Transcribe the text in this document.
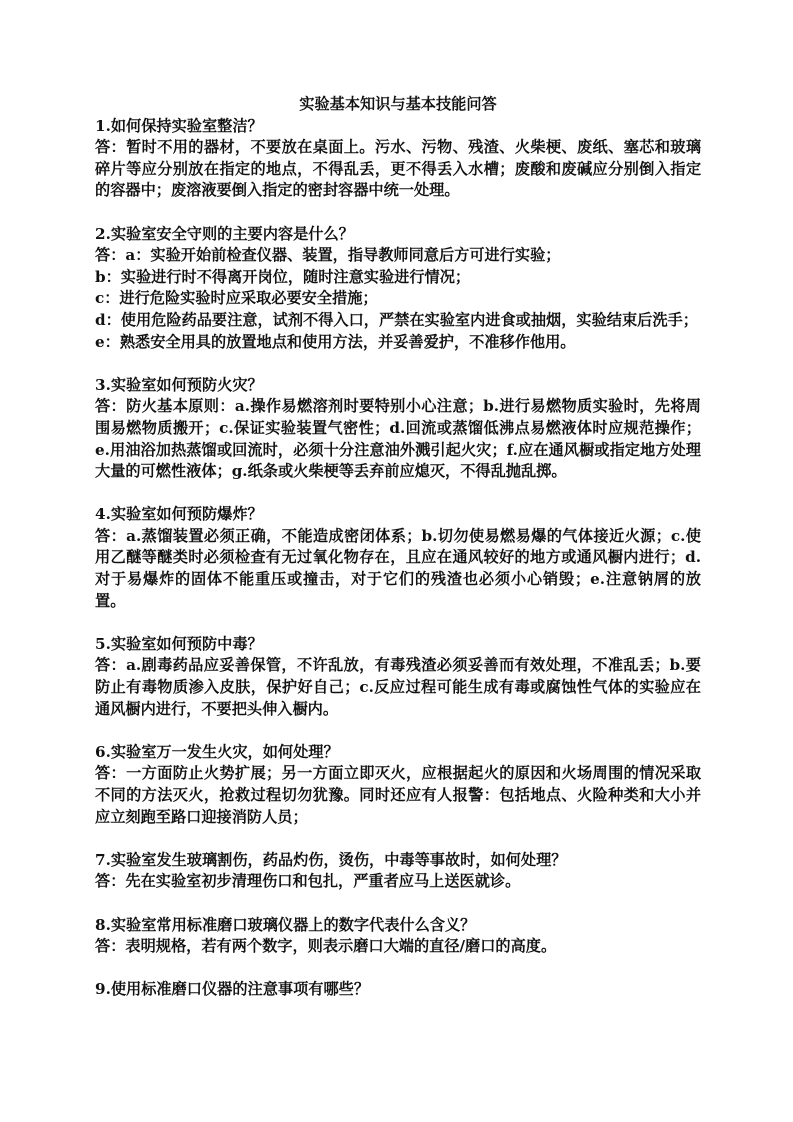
实验基本知识与基本技能问答

1.如何保持实验室整洁？

答：暂时不用的器材，不要放在桌面上。污水、污物、残渣、火柴梗、废纸、塞芯和玻璃碎片等应分别放在指定的地点，不得乱丢，更不得丢入水槽；废酸和废碱应分别倒入指定的容器中；废溶液要倒入指定的密封容器中统一处理。

2.实验室安全守则的主要内容是什么？

答：a：实验开始前检查仪器、装置，指导教师同意后方可进行实验；

b：实验进行时不得离开岗位，随时注意实验进行情况；

c：进行危险实验时应采取必要安全措施；

d：使用危险药品要注意，试剂不得入口，严禁在实验室内进食或抽烟，实验结束后洗手；

e：熟悉安全用具的放置地点和使用方法，并妥善爱护，不准移作他用。

3.实验室如何预防火灾？

答：防火基本原则：a.操作易燃溶剂时要特别小心注意；b.进行易燃物质实验时，先将周围易燃物质搬开；c.保证实验装置气密性；d.回流或蒸馏低沸点易燃液体时应规范操作；e.用油浴加热蒸馏或回流时，必须十分注意油外溅引起火灾；f.应在通风橱或指定地方处理大量的可燃性液体；g.纸条或火柴梗等丢弃前应熄灭，不得乱抛乱掷。

4.实验室如何预防爆炸？

答：a.蒸馏装置必须正确，不能造成密闭体系；b.切勿使易燃易爆的气体接近火源；c.使用乙醚等醚类时必须检查有无过氧化物存在，且应在通风较好的地方或通风橱内进行；d.对于易爆炸的固体不能重压或撞击，对于它们的残渣也必须小心销毁；e.注意钠屑的放置。

5.实验室如何预防中毒？

答：a.剧毒药品应妥善保管，不许乱放，有毒残渣必须妥善而有效处理，不准乱丢；b.要防止有毒物质渗入皮肤，保护好自己；c.反应过程可能生成有毒或腐蚀性气体的实验应在通风橱内进行，不要把头伸入橱内。

6.实验室万一发生火灾，如何处理？

答：一方面防止火势扩展；另一方面立即灭火，应根据起火的原因和火场周围的情况采取不同的方法灭火，抢救过程切勿犹豫。同时还应有人报警：包括地点、火险种类和大小并应立刻跑至路口迎接消防人员；

7.实验室发生玻璃割伤，药品灼伤，烫伤，中毒等事故时，如何处理？

答：先在实验室初步清理伤口和包扎，严重者应马上送医就诊。

8.实验室常用标准磨口玻璃仪器上的数字代表什么含义？

答：表明规格，若有两个数字，则表示磨口大端的直径/磨口的高度。

9.使用标准磨口仪器的注意事项有哪些？
